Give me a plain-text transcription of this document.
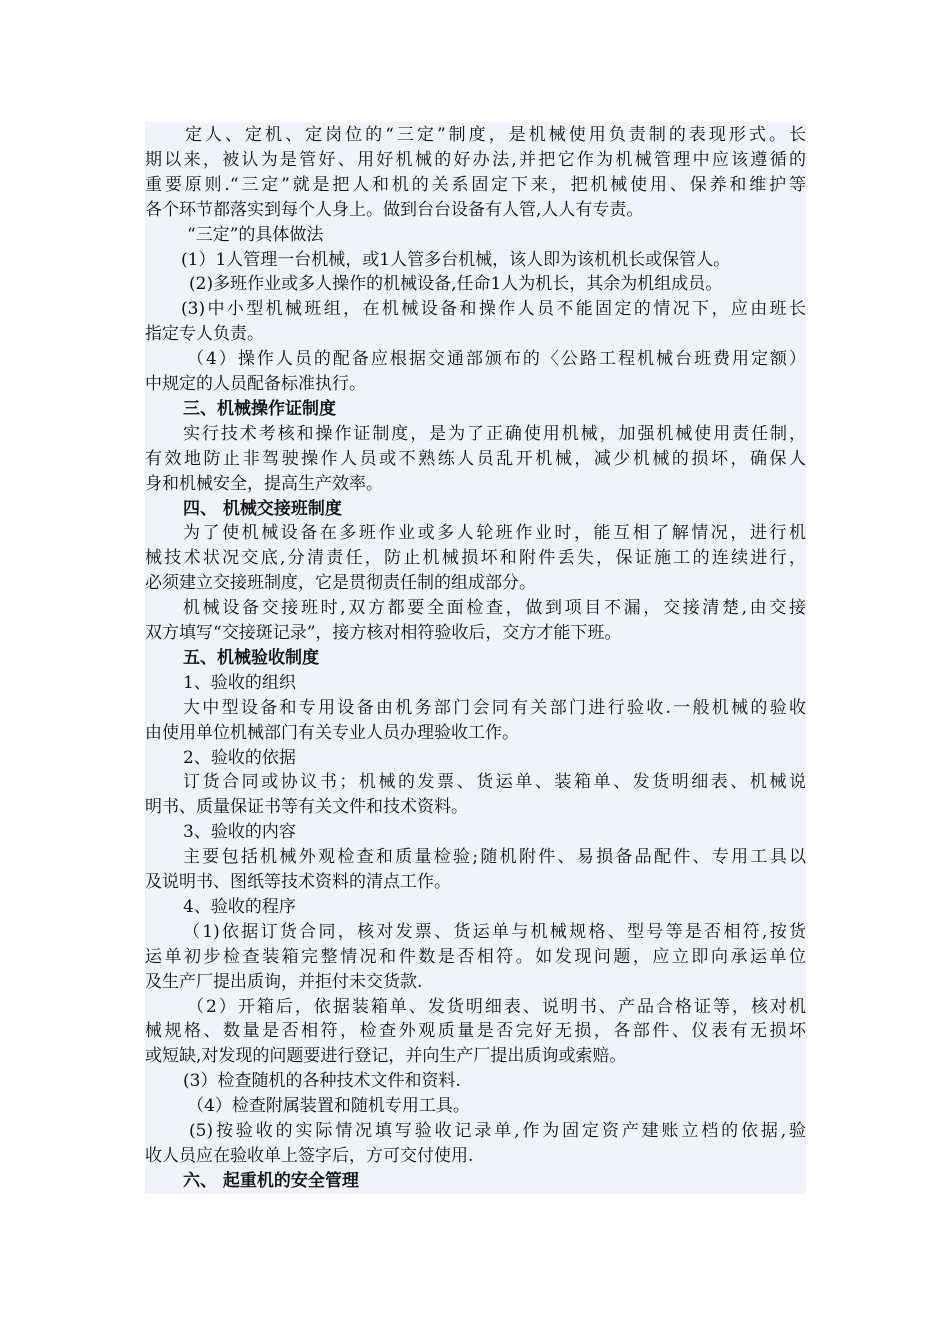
定人、定机、定岗位的“三定”制度，是机械使用负责制的表现形式。长
期以来，被认为是管好、用好机械的好办法,并把它作为机械管理中应该遵循的
重要原则.“三定”就是把人和机的关系固定下来，把机械使用、保养和维护等
各个环节都落实到每个人身上。做到台台设备有人管,人人有专责。
“三定”的具体做法
(1）1人管理一台机械，或1人管多台机械，该人即为该机机长或保管人。
(2)多班作业或多人操作的机械设备,任命1人为机长，其余为机组成员。
(3)中小型机械班组，在机械设备和操作人员不能固定的情况下，应由班长
指定专人负责。
（4）操作人员的配备应根据交通部颁布的〈公路工程机械台班费用定额）
中规定的人员配备标准执行。
三、机械操作证制度
实行技术考核和操作证制度，是为了正确使用机械，加强机械使用责任制，
有效地防止非驾驶操作人员或不熟练人员乱开机械，减少机械的损坏，确保人
身和机械安全，提高生产效率。
四、 机械交接班制度
为了使机械设备在多班作业或多人轮班作业时，能互相了解情况，进行机
械技术状况交底,分清责任，防止机械损坏和附件丢失，保证施工的连续进行，
必须建立交接班制度，它是贯彻责任制的组成部分。
机械设备交接班时,双方都要全面检查，做到项目不漏，交接清楚,由交接
双方填写“交接斑记录”，接方核对相符验收后，交方才能下班。
五、机械验收制度
1、验收的组织
大中型设备和专用设备由机务部门会同有关部门进行验收.一般机械的验收
由使用单位机械部门有关专业人员办理验收工作。
2、验收的依据
订货合同或协议书；机械的发票、货运单、装箱单、发货明细表、机械说
明书、质量保证书等有关文件和技术资料。
3、验收的内容
主要包括机械外观检查和质量检验;随机附件、易损备品配件、专用工具以
及说明书、图纸等技术资料的清点工作。
4、验收的程序
（1)依据订货合同，核对发票、货运单与机械规格、型号等是否相符,按货
运单初步检查装箱完整情况和件数是否相符。如发现问题，应立即向承运单位
及生产厂提出质询，并拒付未交货款.
（2）开箱后，依据装箱单、发货明细表、说明书、产品合格证等，核对机
械规格、数量是否相符，检查外观质量是否完好无损，各部件、仪表有无损坏
或短缺,对发现的问题要进行登记，并向生产厂提出质询或索赔。
(3）检查随机的各种技术文件和资料.
（4）检查附属装置和随机专用工具。
(5)按验收的实际情况填写验收记录单,作为固定资产建账立档的依据,验
收人员应在验收单上签字后，方可交付使用.
六、 起重机的安全管理
